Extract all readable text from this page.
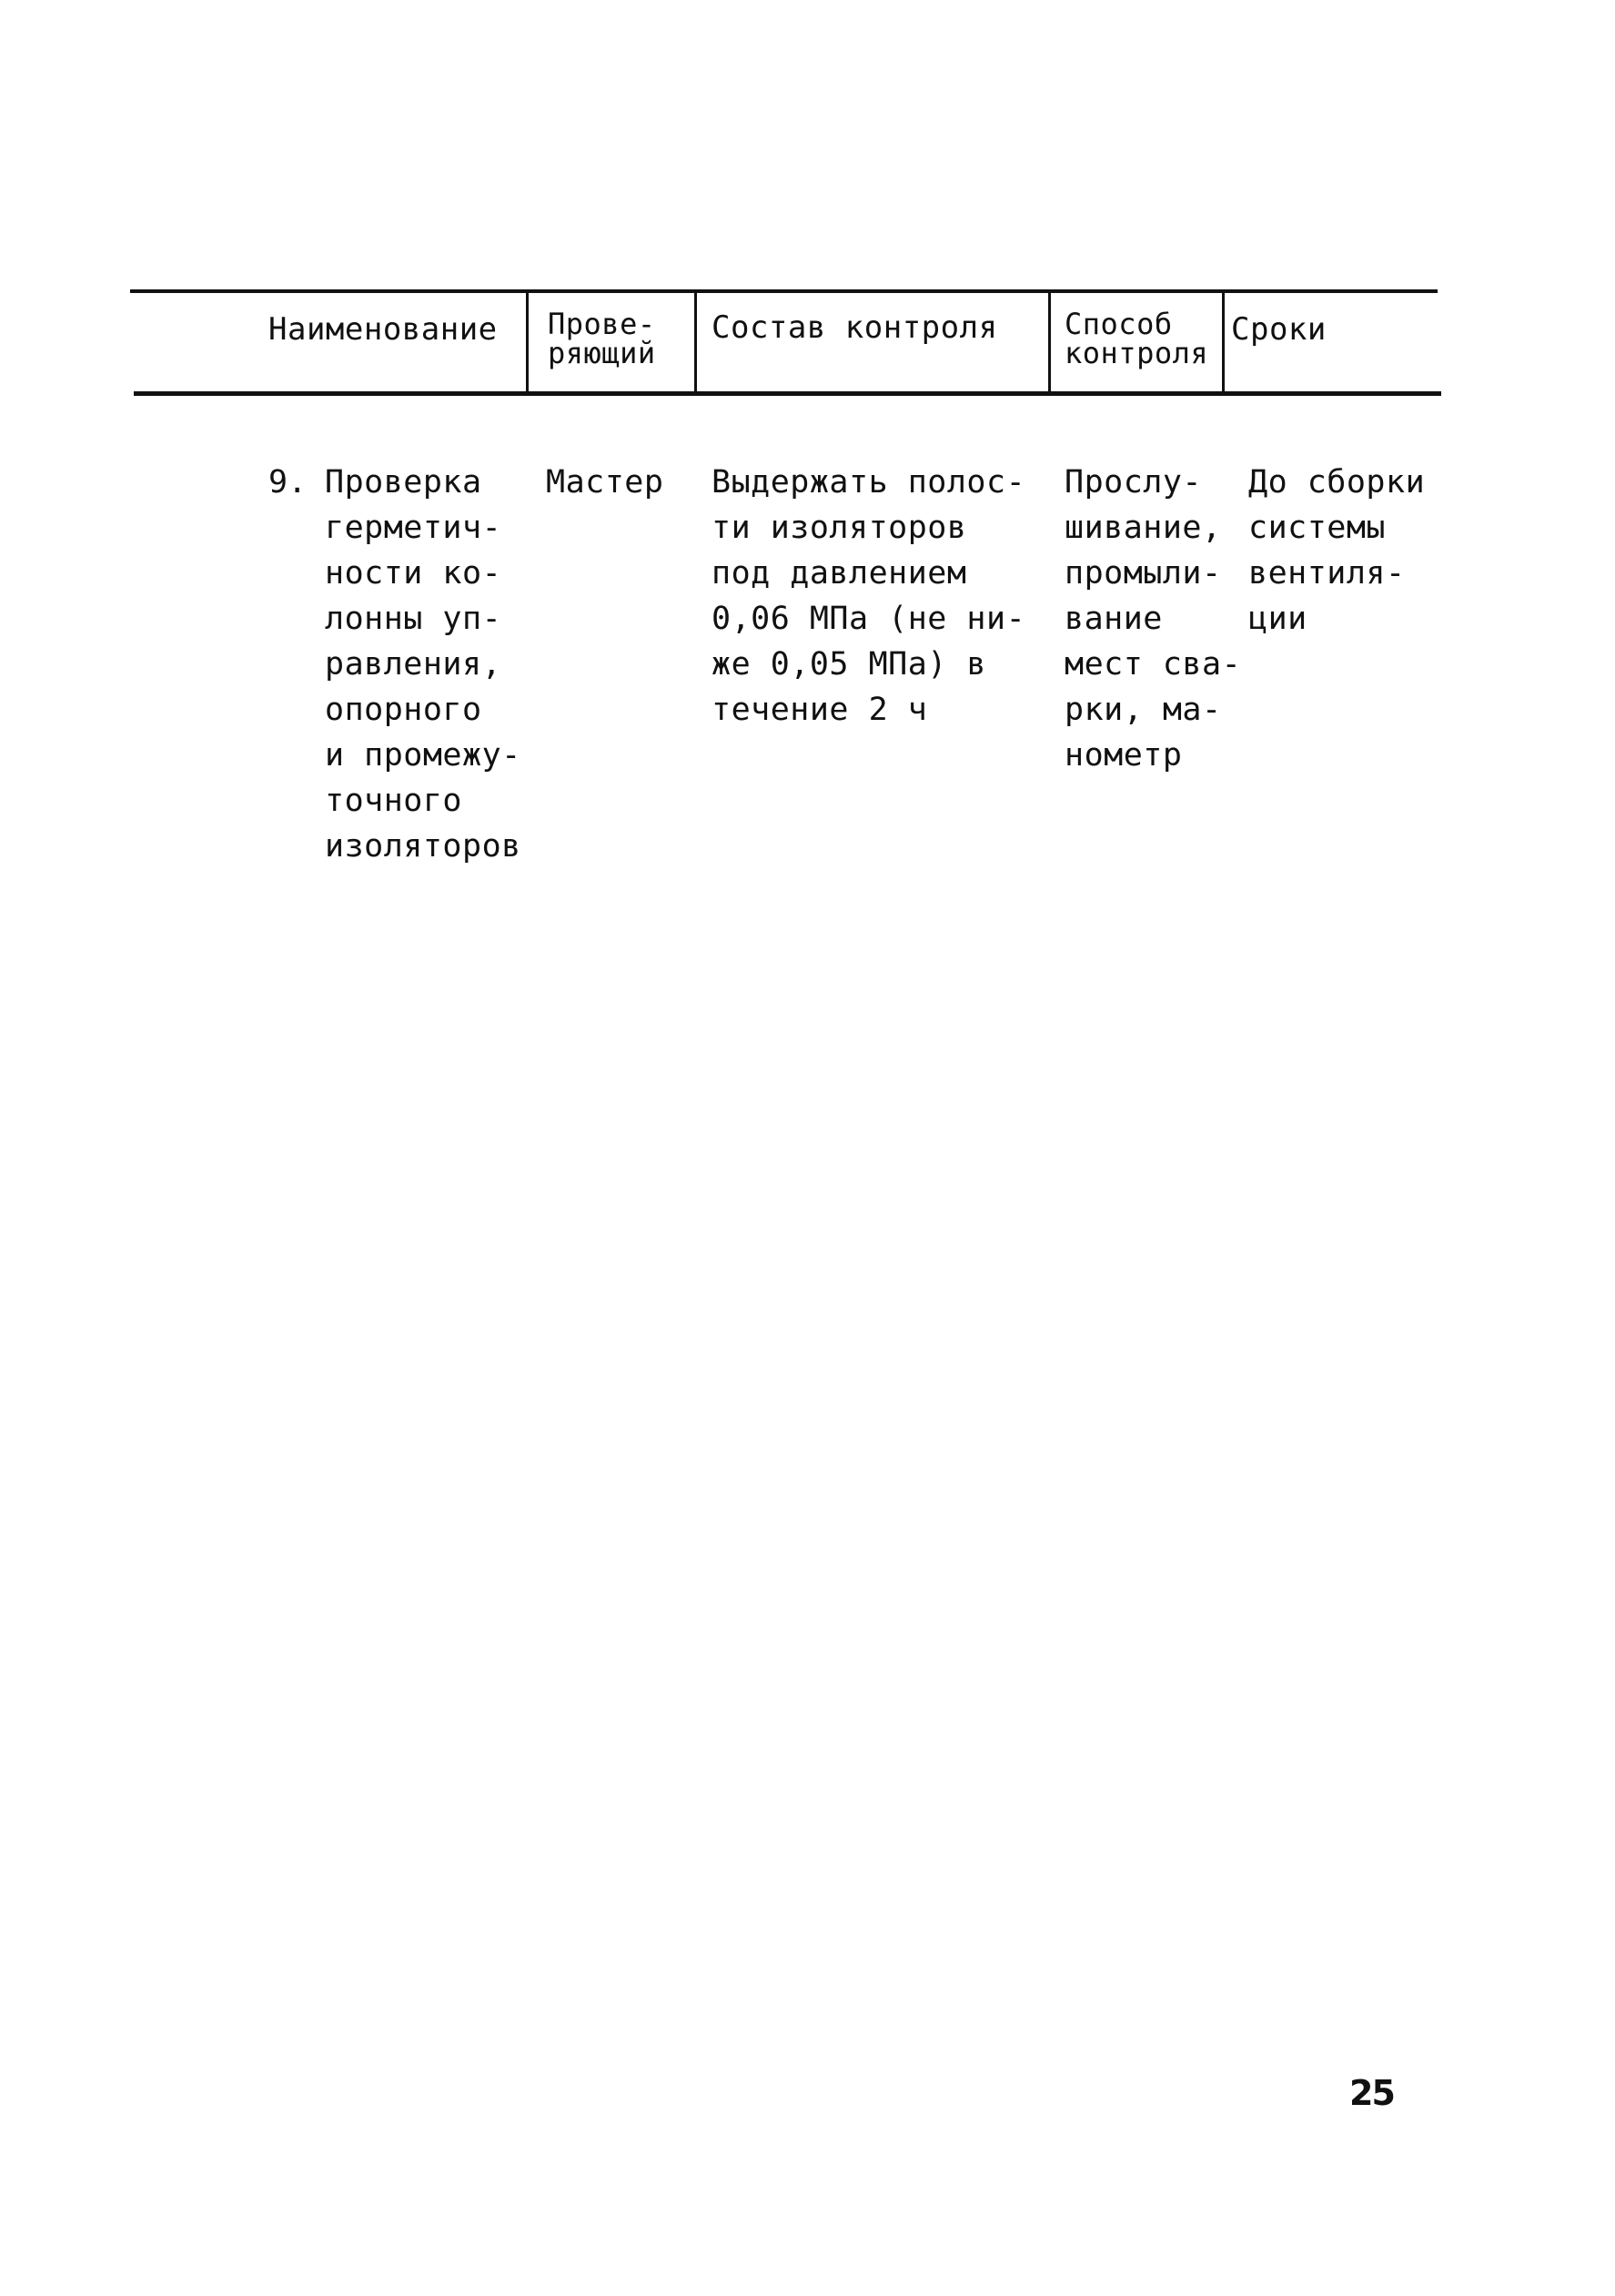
Наименование Прове-
ряющий
Состав контроля Способ
контроля
Сроки
9. Проверка
герметич-
ности ко-
лонны уп-
равления,
опорного
и промежу-
точного
изоляторов
Мастер Выдержать полос-
ти изоляторов
под давлением
0,06 МПа (не ни-
же 0,05 МПа) в
течение 2 ч
Прослу-
шивание,
промыли-
вание
мест сва-
рки, ма-
нометр
До сборки
системы
вентиля-
ции
25
